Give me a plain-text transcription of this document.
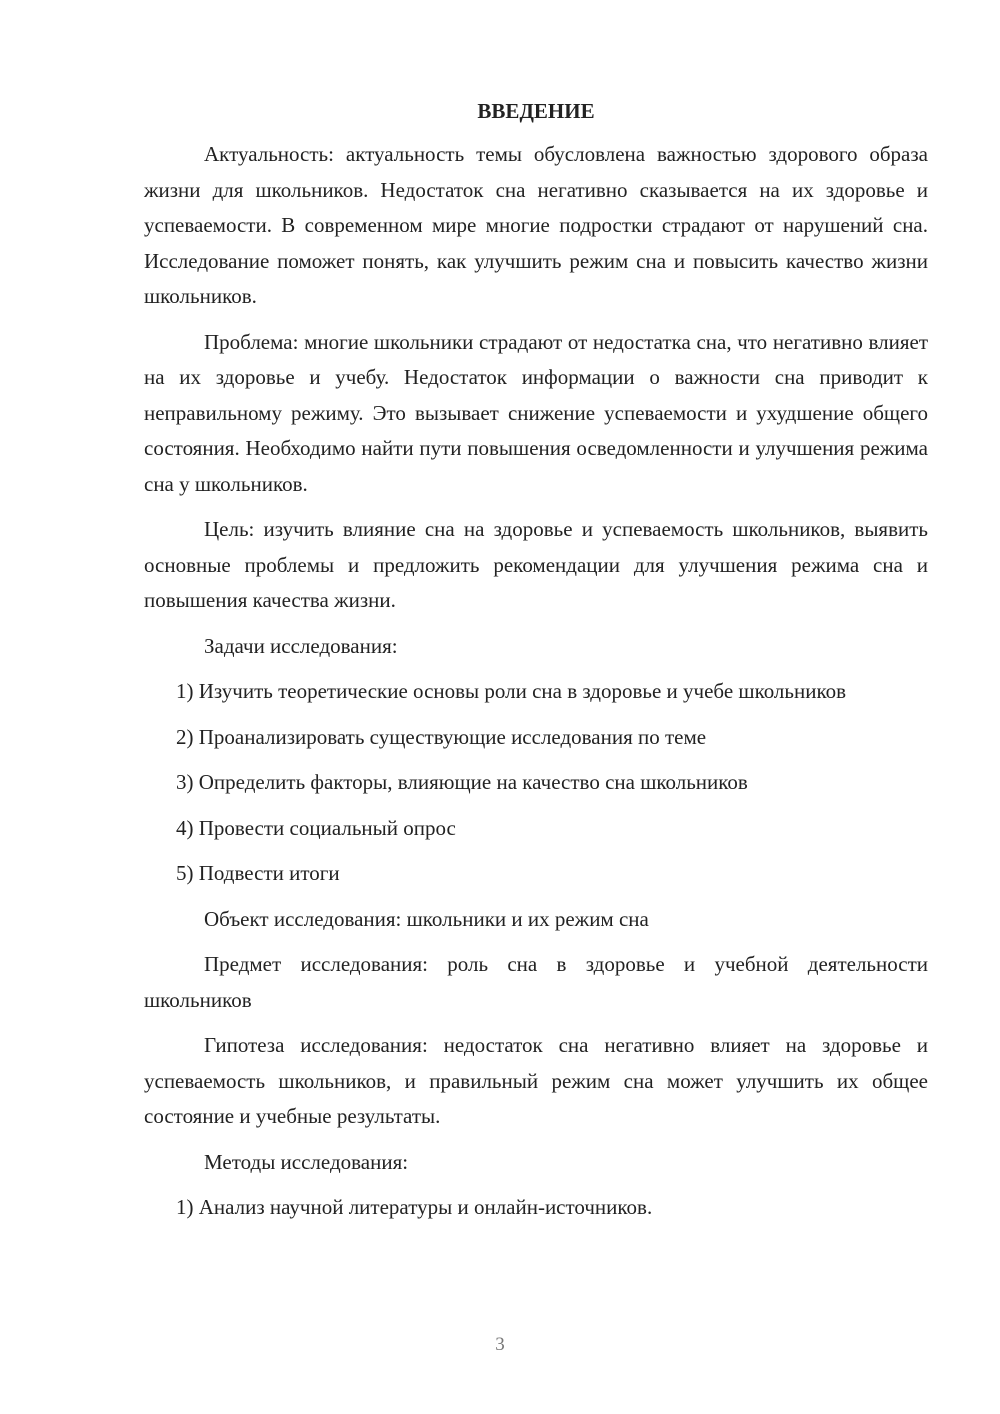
ВВЕДЕНИЕ

Актуальность: актуальность темы обусловлена важностью здорового образа жизни для школьников. Недостаток сна негативно сказывается на их здоровье и успеваемости. В современном мире многие подростки страдают от нарушений сна. Исследование поможет понять, как улучшить режим сна и повысить качество жизни школьников.

Проблема: многие школьники страдают от недостатка сна, что негативно влияет на их здоровье и учебу. Недостаток информации о важности сна приводит к неправильному режиму. Это вызывает снижение успеваемости и ухудшение общего состояния. Необходимо найти пути повышения осведомленности и улучшения режима сна у школьников.

Цель: изучить влияние сна на здоровье и успеваемость школьников, выявить основные проблемы и предложить рекомендации для улучшения режима сна и повышения качества жизни.

Задачи исследования:

1) Изучить теоретические основы роли сна в здоровье и учебе школьников

2) Проанализировать существующие исследования по теме

3) Определить факторы, влияющие на качество сна школьников

4) Провести социальный опрос

5) Подвести итоги

Объект исследования: школьники и их режим сна

Предмет исследования: роль сна в здоровье и учебной деятельности школьников

Гипотеза исследования: недостаток сна негативно влияет на здоровье и успеваемость школьников, и правильный режим сна может улучшить их общее состояние и учебные результаты.

Методы исследования:

1) Анализ научной литературы и онлайн-источников.

3
